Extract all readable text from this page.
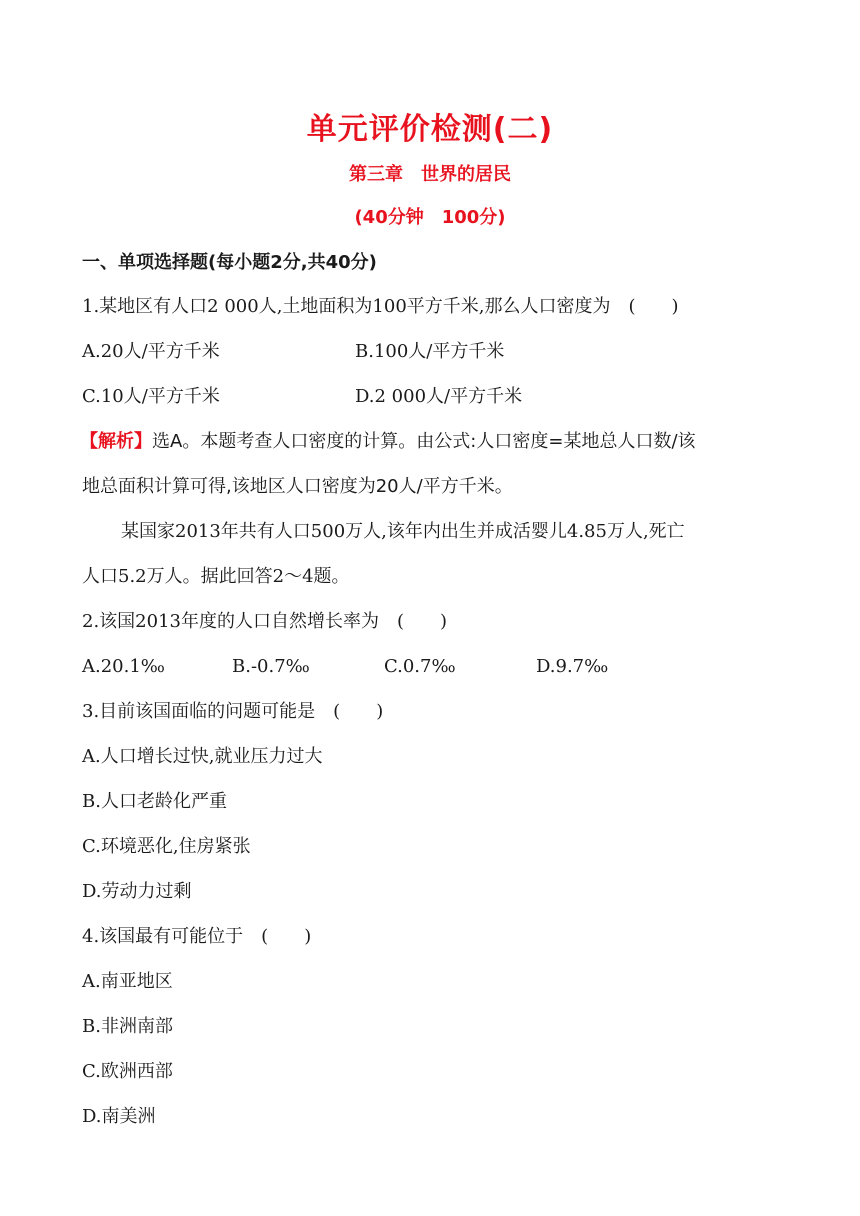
单元评价检测(二)
第三章　世界的居民
(40分钟　100分)
一、单项选择题(每小题2分,共40分)
1.某地区有人口2 000人,土地面积为100平方千米,那么人口密度为　(　　)
A.20人/平方千米	B.100人/平方千米
C.10人/平方千米	D.2 000人/平方千米
【解析】选A。本题考查人口密度的计算。由公式:人口密度=某地总人口数/该
地总面积计算可得,该地区人口密度为20人/平方千米。
某国家2013年共有人口500万人,该年内出生并成活婴儿4.85万人,死亡
人口5.2万人。据此回答2～4题。
2.该国2013年度的人口自然增长率为　(　　)
A.20.1‰	B.-0.7‰	C.0.7‰	D.9.7‰
3.目前该国面临的问题可能是　(　　)
A.人口增长过快,就业压力过大
B.人口老龄化严重
C.环境恶化,住房紧张
D.劳动力过剩
4.该国最有可能位于　(　　)
A.南亚地区
B.非洲南部
C.欧洲西部
D.南美洲
